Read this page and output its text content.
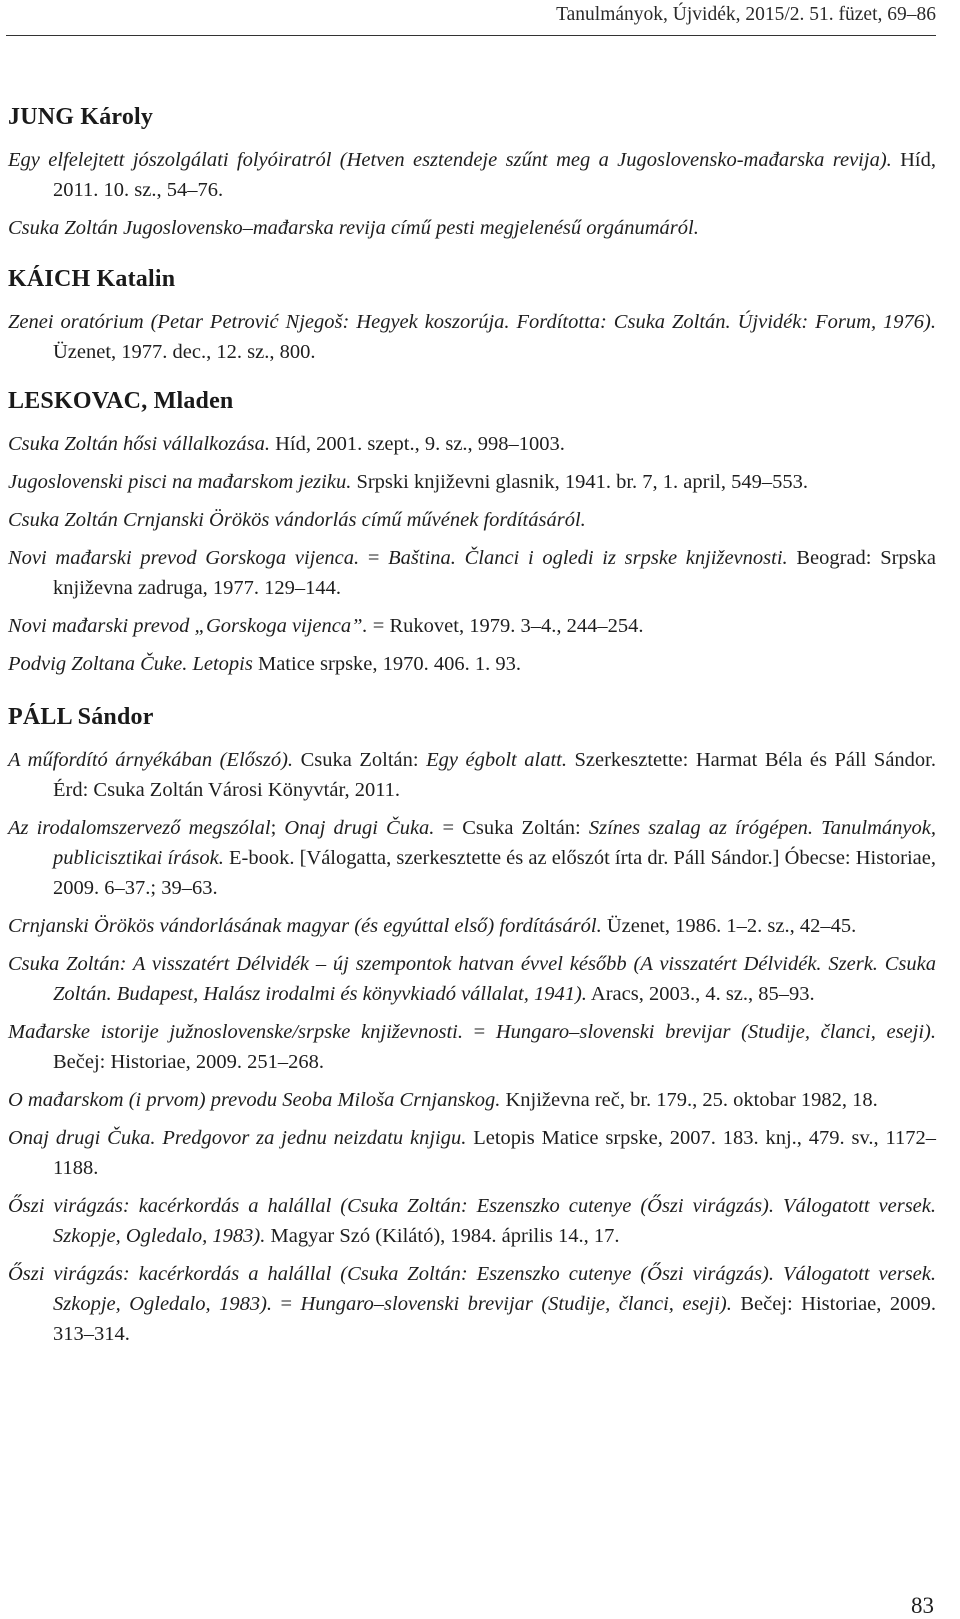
Tanulmányok, Újvidék, 2015/2. 51. füzet, 69–86
JUNG Károly
Egy elfelejtett jószolgálati folyóiratról (Hetven esztendeje szűnt meg a Jugoslovensko-mađarska revija). Híd, 2011. 10. sz., 54‒76.
Csuka Zoltán Jugoslovensko–mađarska revija című pesti megjelenésű orgánumáról.
KÁICH Katalin
Zenei oratórium (Petar Petrović Njegoš: Hegyek koszorúja. Fordította: Csuka Zoltán. Újvidék: Forum, 1976). Üzenet, 1977. dec., 12. sz., 800.
LESKOVAC, Mladen
Csuka Zoltán hősi vállalkozása. Híd, 2001. szept., 9. sz., 998–1003.
Jugoslovenski pisci na mađarskom jeziku. Srpski književni glasnik, 1941. br. 7, 1. april, 549–553.
Csuka Zoltán Crnjanski Örökös vándorlás című művének fordításáról.
Novi mađarski prevod Gorskoga vijenca. = Baština. Članci i ogledi iz srpske književnosti. Beograd: Srpska književna zadruga, 1977. 129‒144.
Novi mađarski prevod „Gorskoga vijenca”. = Rukovet, 1979. 3‒4., 244‒254.
Podvig Zoltana Čuke. Letopis Matice srpske, 1970. 406. 1. 93.
PÁLL Sándor
A műfordító árnyékában (Előszó). Csuka Zoltán: Egy égbolt alatt. Szerkesztette: Harmat Béla és Páll Sándor. Érd: Csuka Zoltán Városi Könyvtár, 2011.
Az irodalomszervező megszólal; Onaj drugi Čuka. = Csuka Zoltán: Színes szalag az írógépen. Tanulmányok, publicisztikai írások. E-book. [Válogatta, szerkesztette és az előszót írta dr. Páll Sándor.] Óbecse: Historiae, 2009. 6‒37.; 39‒63.
Crnjanski Örökös vándorlásának magyar (és egyúttal első) fordításáról. Üzenet, 1986. 1‒2. sz., 42‒45.
Csuka Zoltán: A visszatért Délvidék ‒ új szempontok hatvan évvel később (A visszatért Délvidék. Szerk. Csuka Zoltán. Budapest, Halász irodalmi és könyvkiadó vállalat, 1941). Aracs, 2003., 4. sz., 85‒93.
Mađarske istorije južnoslovenske/srpske književnosti. = Hungaro‒slovenski brevijar (Studije, članci, eseji). Bečej: Historiae, 2009. 251‒268.
O mađarskom (i prvom) prevodu Seoba Miloša Crnjanskog. Književna reč, br. 179., 25. oktobar 1982, 18.
Onaj drugi Čuka. Predgovor za jednu neizdatu knjigu. Letopis Matice srpske, 2007. 183. knj., 479. sv., 1172‒1188.
Őszi virágzás: kacérkordás a halállal (Csuka Zoltán: Eszenszko cutenye (Őszi virágzás). Válogatott versek. Szkopje, Ogledalo, 1983). Magyar Szó (Kilátó), 1984. április 14., 17.
Őszi virágzás: kacérkordás a halállal (Csuka Zoltán: Eszenszko cutenye (Őszi virágzás). Válogatott versek. Szkopje, Ogledalo, 1983). = Hungaro‒slovenski brevijar (Studije, članci, eseji). Bečej: Historiae, 2009. 313‒314.
83
